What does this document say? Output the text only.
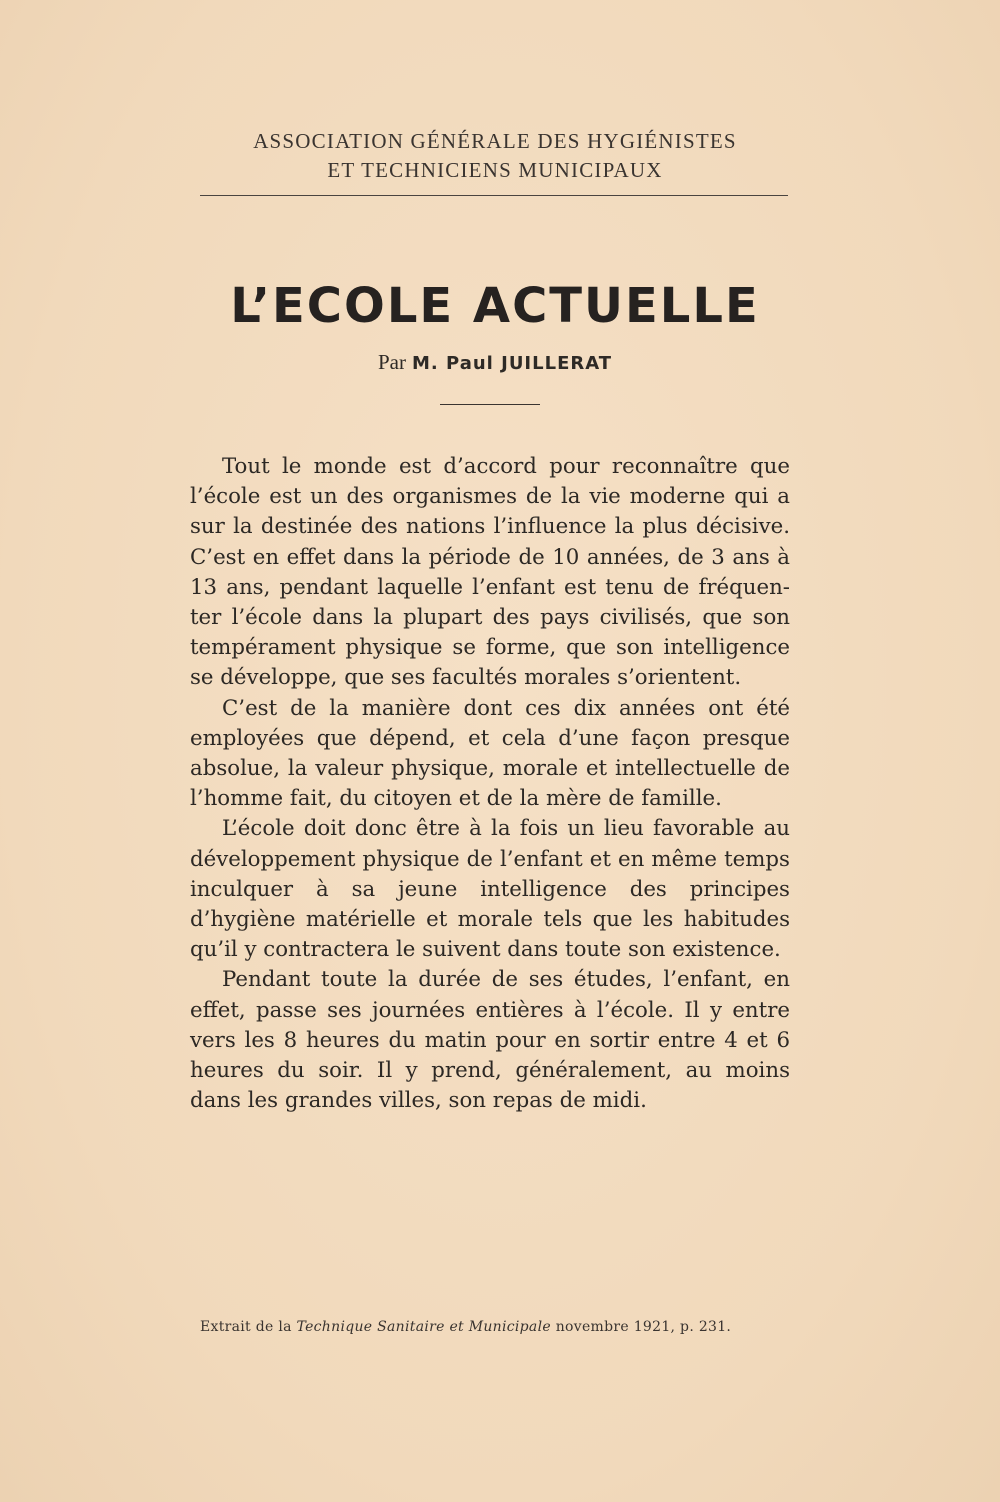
ASSOCIATION GÉNÉRALE DES HYGIÉNISTES
ET TECHNICIENS MUNICIPAUX
L’ECOLE ACTUELLE
Par M. Paul JUILLERAT

Tout le monde est d’accord pour reconnaître que l’école est un des organismes de la vie moderne qui a sur la destinée des nations l’influence la plus décisive. C’est en effet dans la période de 10 années, de 3 ans à 13 ans, pendant laquelle l’enfant est tenu de fréquenter l’école dans la plupart des pays civilisés, que son tempérament physique se forme, que son intelligence se développe, que ses facultés morales s’orientent.

C’est de la manière dont ces dix années ont été employées que dépend, et cela d’une façon presque absolue, la valeur physique, morale et intellectuelle de l’homme fait, du citoyen et de la mère de famille.

L’école doit donc être à la fois un lieu favorable au développement physique de l’enfant et en même temps inculquer à sa jeune intelligence des principes d’hygiène matérielle et morale tels que les habitudes qu’il y contractera le suivent dans toute son existence.

Pendant toute la durée de ses études, l’enfant, en effet, passe ses journées entières à l’école. Il y entre vers les 8 heures du matin pour en sortir entre 4 et 6 heures du soir. Il y prend, généralement, au moins dans les grandes villes, son repas de midi.

Extrait de la Technique Sanitaire et Municipale novembre 1921, p. 231.
